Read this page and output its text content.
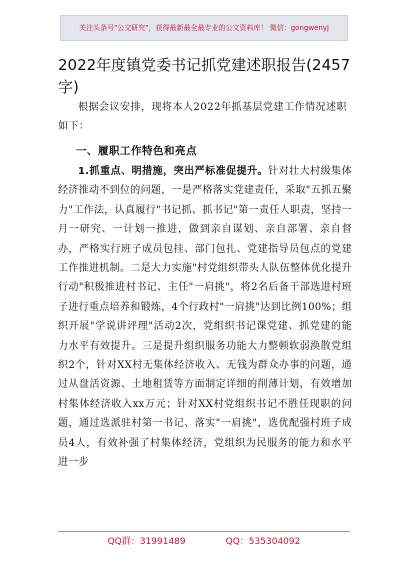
关注头条号"公文研究"，获得最新最全最专业的公文资料库！ 微信：gongwenyj
2022年度镇党委书记抓党建述职报告(2457字)

根据会议安排，现将本人2022年抓基层党建工作情况述职如下：

一、履职工作特色和亮点

1.抓重点、明措施，突出严标准促提升。针对壮大村级集体经济推动不到位的问题，一是严格落实党建责任，采取"五抓五聚力"工作法，认真履行"书记抓、抓书记"第一责任人职责，坚持一月一研究、一计划一推进，做到亲自谋划、亲自部署、亲自督办，严格实行班子成员包挂、部门包扎、党建指导员包点的党建工作推进机制。二是大力实施"村党组织带头人队伍整体优化提升行动"积极推进村书记、主任"一肩挑"，将2名后备干部选进村班子进行重点培养和锻炼，4个行政村"一肩挑"达到比例100%；组织开展"学说讲评理"活动2次，党组织书记课党建、抓党建的能力水平有效提升。三是提升组织服务功能大力整顿软弱涣散党组织2个，针对XX村无集体经济收入、无钱为群众办事的问题，通过从盘活资源、土地租赁等方面制定详细的削薄计划，有效增加村集体经济收入xx万元；针对XX村党组织书记不胜任现职的问题，通过选派驻村第一书记、落实"一肩挑"，选优配强村班子成员4人，有效补强了村集体经济，党组织为民服务的能力和水平进一步

QQ群：31991489	QQ：535304092
